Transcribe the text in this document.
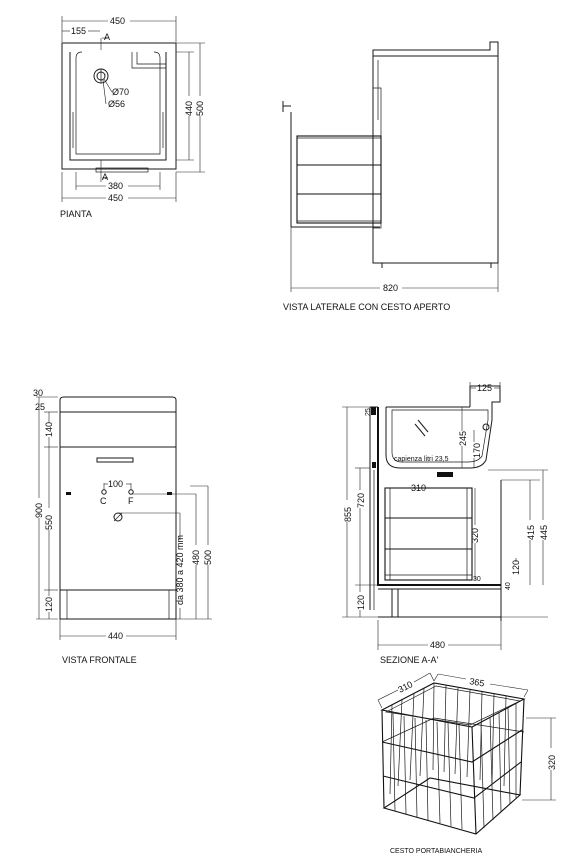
A
A
450
155
Ø70
Ø56	440 500
380
450
PIANTA
820
VISTA LATERALE CON CESTO APERTO
C F
100
30
25
140
550
120
900
da 380 a 420 mm 480 500
440
VISTA FRONTALE
capienza litri 23,5
125
25
245
170
310
320
30
855
720
120
415 445
120
40
480
SEZIONE A-A'
310	365
320
CESTO PORTABIANCHERIA
